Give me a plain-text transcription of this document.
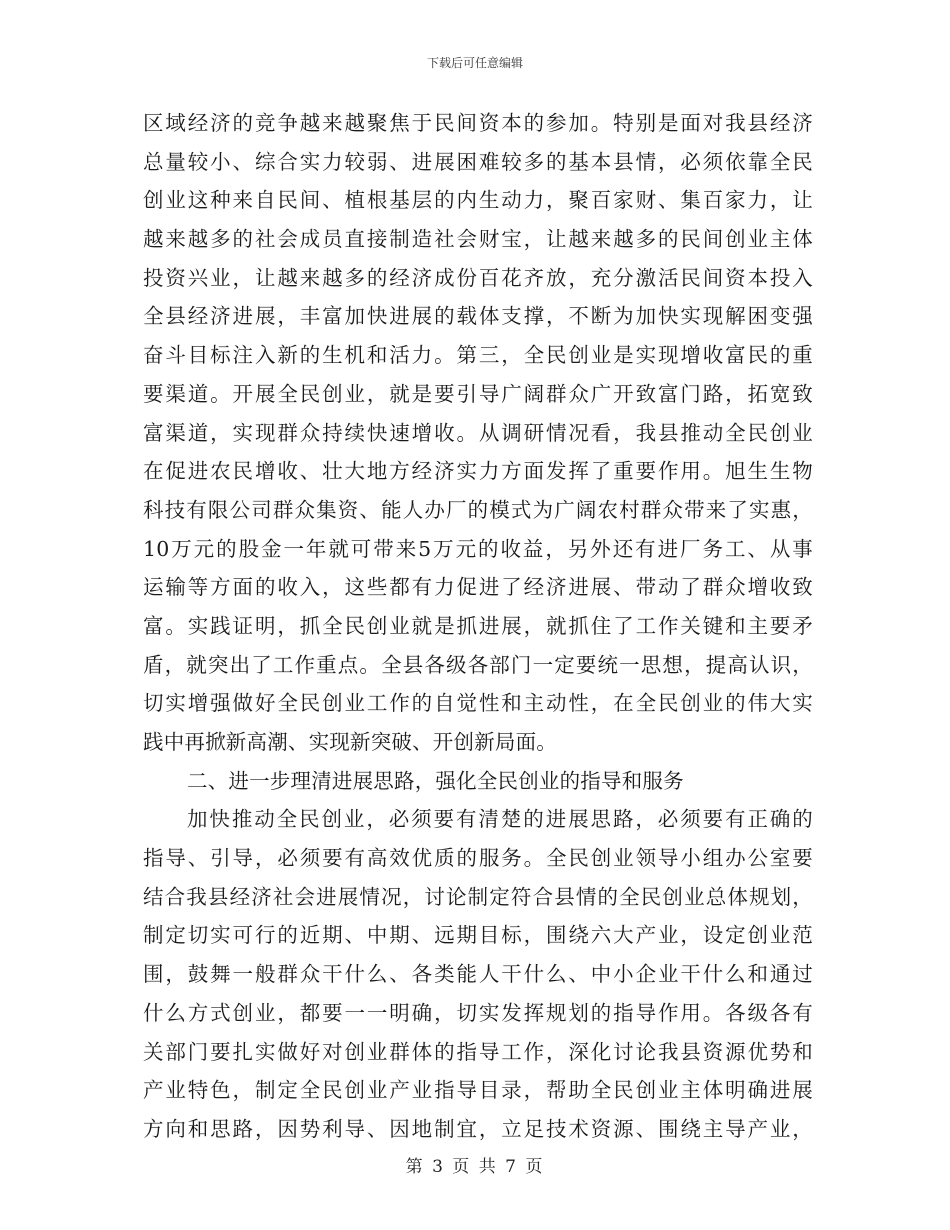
下载后可任意编辑
区域经济的竞争越来越聚焦于民间资本的参加。特别是面对我县经济
总量较小、综合实力较弱、进展困难较多的基本县情，必须依靠全民
创业这种来自民间、植根基层的内生动力，聚百家财、集百家力，让
越来越多的社会成员直接制造社会财宝，让越来越多的民间创业主体
投资兴业，让越来越多的经济成份百花齐放，充分激活民间资本投入
全县经济进展，丰富加快进展的载体支撑，不断为加快实现解困变强
奋斗目标注入新的生机和活力。第三，全民创业是实现增收富民的重
要渠道。开展全民创业，就是要引导广阔群众广开致富门路，拓宽致
富渠道，实现群众持续快速增收。从调研情况看，我县推动全民创业
在促进农民增收、壮大地方经济实力方面发挥了重要作用。旭生生物
科技有限公司群众集资、能人办厂的模式为广阔农村群众带来了实惠，
10万元的股金一年就可带来5万元的收益，另外还有进厂务工、从事
运输等方面的收入，这些都有力促进了经济进展、带动了群众增收致
富。实践证明，抓全民创业就是抓进展，就抓住了工作关键和主要矛
盾，就突出了工作重点。全县各级各部门一定要统一思想，提高认识，
切实增强做好全民创业工作的自觉性和主动性，在全民创业的伟大实
践中再掀新高潮、实现新突破、开创新局面。
二、进一步理清进展思路，强化全民创业的指导和服务
加快推动全民创业，必须要有清楚的进展思路，必须要有正确的
指导、引导，必须要有高效优质的服务。全民创业领导小组办公室要
结合我县经济社会进展情况，讨论制定符合县情的全民创业总体规划，
制定切实可行的近期、中期、远期目标，围绕六大产业，设定创业范
围，鼓舞一般群众干什么、各类能人干什么、中小企业干什么和通过
什么方式创业，都要一一明确，切实发挥规划的指导作用。各级各有
关部门要扎实做好对创业群体的指导工作，深化讨论我县资源优势和
产业特色，制定全民创业产业指导目录，帮助全民创业主体明确进展
方向和思路，因势利导、因地制宜，立足技术资源、围绕主导产业，
第 3 页 共 7 页
